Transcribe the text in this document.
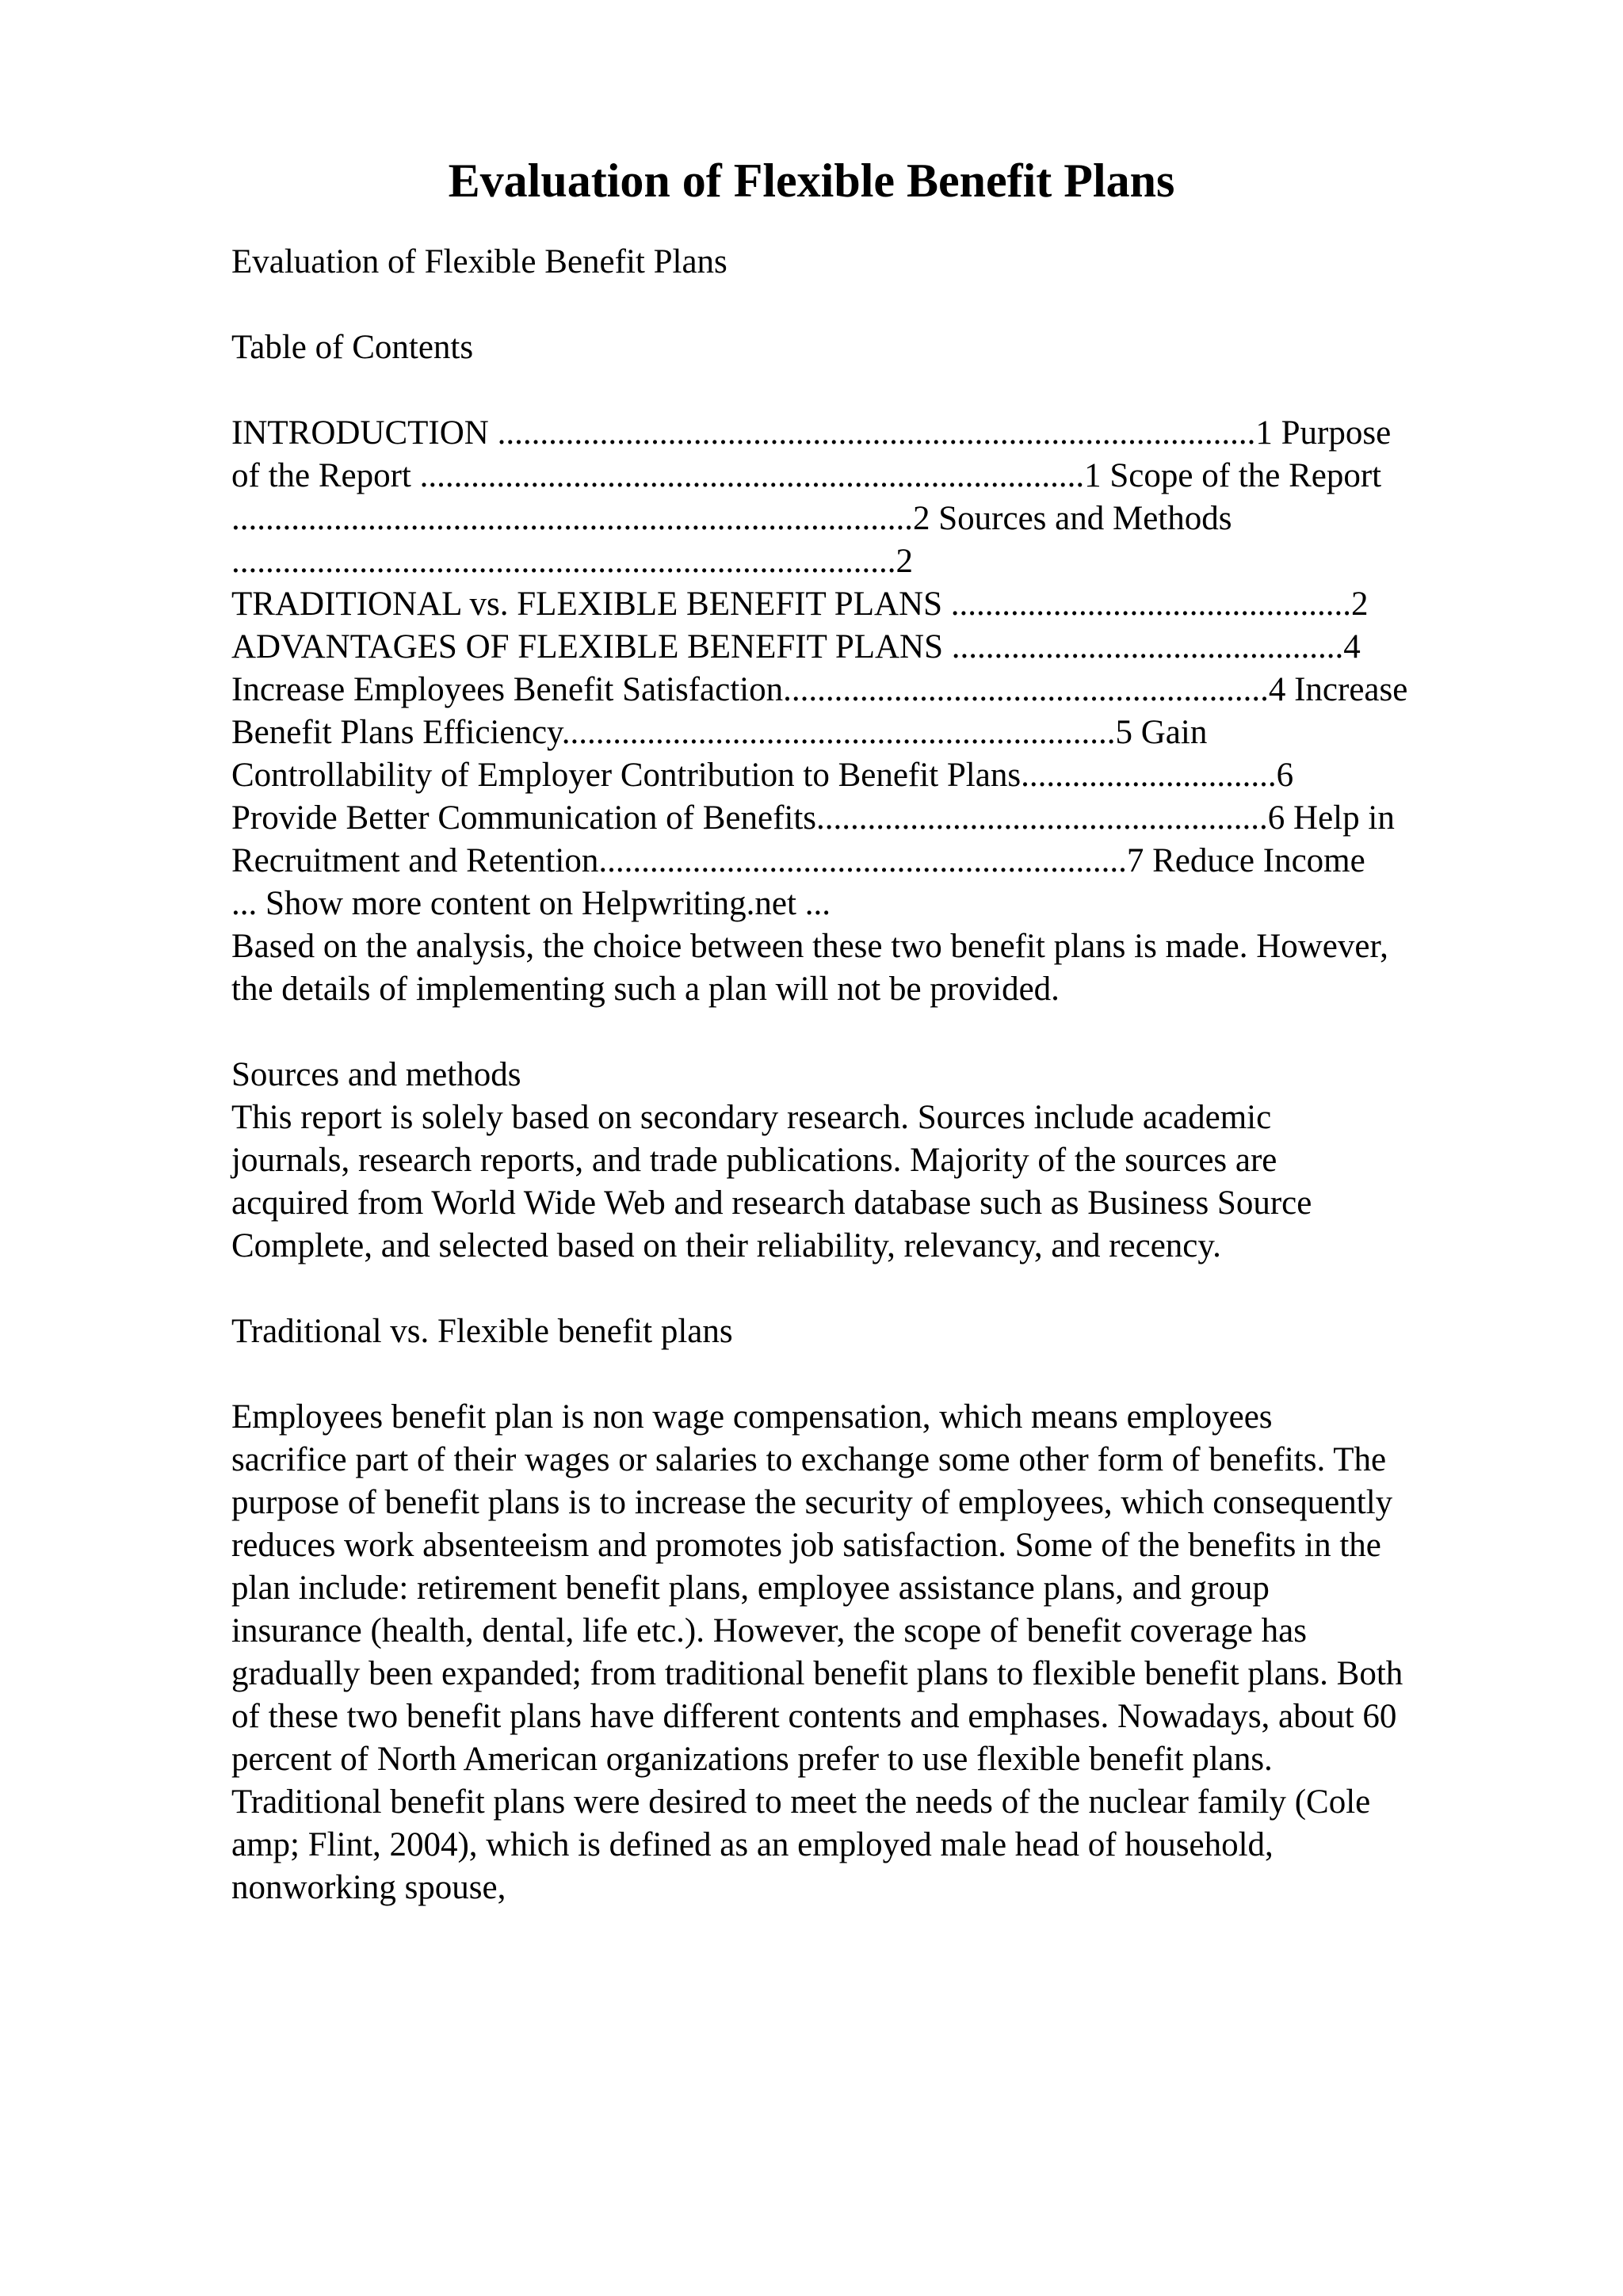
Evaluation of Flexible Benefit Plans
Evaluation of Flexible Benefit Plans
Table of Contents
INTRODUCTION .........................................................................................1 Purpose
of the Report ..............................................................................1 Scope of the Report
................................................................................2 Sources and Methods
..............................................................................2
TRADITIONAL vs. FLEXIBLE BENEFIT PLANS ...............................................2
ADVANTAGES OF FLEXIBLE BENEFIT PLANS ..............................................4
Increase Employees Benefit Satisfaction.........................................................4 Increase
Benefit Plans Efficiency.................................................................5 Gain
Controllability of Employer Contribution to Benefit Plans..............................6
Provide Better Communication of Benefits.....................................................6 Help in
Recruitment and Retention..............................................................7 Reduce Income
... Show more content on Helpwriting.net ...
Based on the analysis, the choice between these two benefit plans is made. However,
the details of implementing such a plan will not be provided.
Sources and methods
This report is solely based on secondary research. Sources include academic
journals, research reports, and trade publications. Majority of the sources are
acquired from World Wide Web and research database such as Business Source
Complete, and selected based on their reliability, relevancy, and recency.
Traditional vs. Flexible benefit plans
Employees benefit plan is non wage compensation, which means employees
sacrifice part of their wages or salaries to exchange some other form of benefits. The
purpose of benefit plans is to increase the security of employees, which consequently
reduces work absenteeism and promotes job satisfaction. Some of the benefits in the
plan include: retirement benefit plans, employee assistance plans, and group
insurance (health, dental, life etc.). However, the scope of benefit coverage has
gradually been expanded; from traditional benefit plans to flexible benefit plans. Both
of these two benefit plans have different contents and emphases. Nowadays, about 60
percent of North American organizations prefer to use flexible benefit plans.
Traditional benefit plans were desired to meet the needs of the nuclear family (Cole
amp; Flint, 2004), which is defined as an employed male head of household,
nonworking spouse,
